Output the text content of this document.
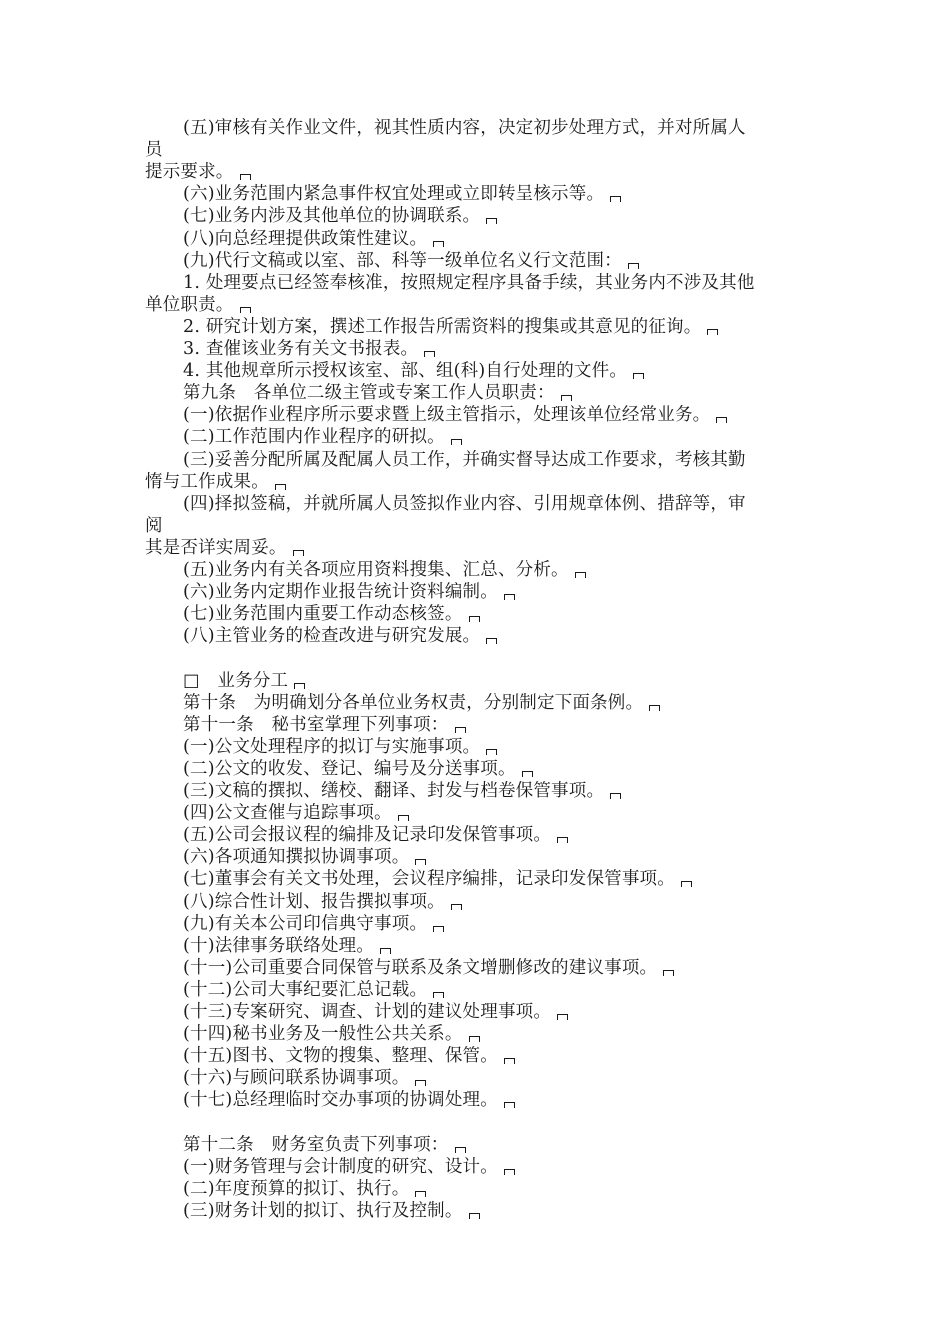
(五)审核有关作业文件，视其性质内容，决定初步处理方式，并对所属人
员
提示要求。
(六)业务范围内紧急事件权宜处理或立即转呈核示等。
(七)业务内涉及其他单位的协调联系。
(八)向总经理提供政策性建议。
(九)代行文稿或以室、部、科等一级单位名义行文范围：
1. 处理要点已经签奉核准，按照规定程序具备手续，其业务内不涉及其他
单位职责。
2. 研究计划方案，撰述工作报告所需资料的搜集或其意见的征询。
3. 查催该业务有关文书报表。
4. 其他规章所示授权该室、部、组(科)自行处理的文件。
第九条　各单位二级主管或专案工作人员职责：
(一)依据作业程序所示要求暨上级主管指示，处理该单位经常业务。
(二)工作范围内作业程序的研拟。
(三)妥善分配所属及配属人员工作，并确实督导达成工作要求，考核其勤
惰与工作成果。
(四)择拟签稿，并就所属人员签拟作业内容、引用规章体例、措辞等，审
阅
其是否详实周妥。
(五)业务内有关各项应用资料搜集、汇总、分析。
(六)业务内定期作业报告统计资料编制。
(七)业务范围内重要工作动态核签。
(八)主管业务的检查改进与研究发展。
□　业务分工
第十条　为明确划分各单位业务权责，分别制定下面条例。
第十一条　秘书室掌理下列事项：
(一)公文处理程序的拟订与实施事项。
(二)公文的收发、登记、编号及分送事项。
(三)文稿的撰拟、缮校、翻译、封发与档卷保管事项。
(四)公文查催与追踪事项。
(五)公司会报议程的编排及记录印发保管事项。
(六)各项通知撰拟协调事项。
(七)董事会有关文书处理，会议程序编排，记录印发保管事项。
(八)综合性计划、报告撰拟事项。
(九)有关本公司印信典守事项。
(十)法律事务联络处理。
(十一)公司重要合同保管与联系及条文增删修改的建议事项。
(十二)公司大事纪要汇总记载。
(十三)专案研究、调查、计划的建议处理事项。
(十四)秘书业务及一般性公共关系。
(十五)图书、文物的搜集、整理、保管。
(十六)与顾问联系协调事项。
(十七)总经理临时交办事项的协调处理。
第十二条　财务室负责下列事项：
(一)财务管理与会计制度的研究、设计。
(二)年度预算的拟订、执行。
(三)财务计划的拟订、执行及控制。
